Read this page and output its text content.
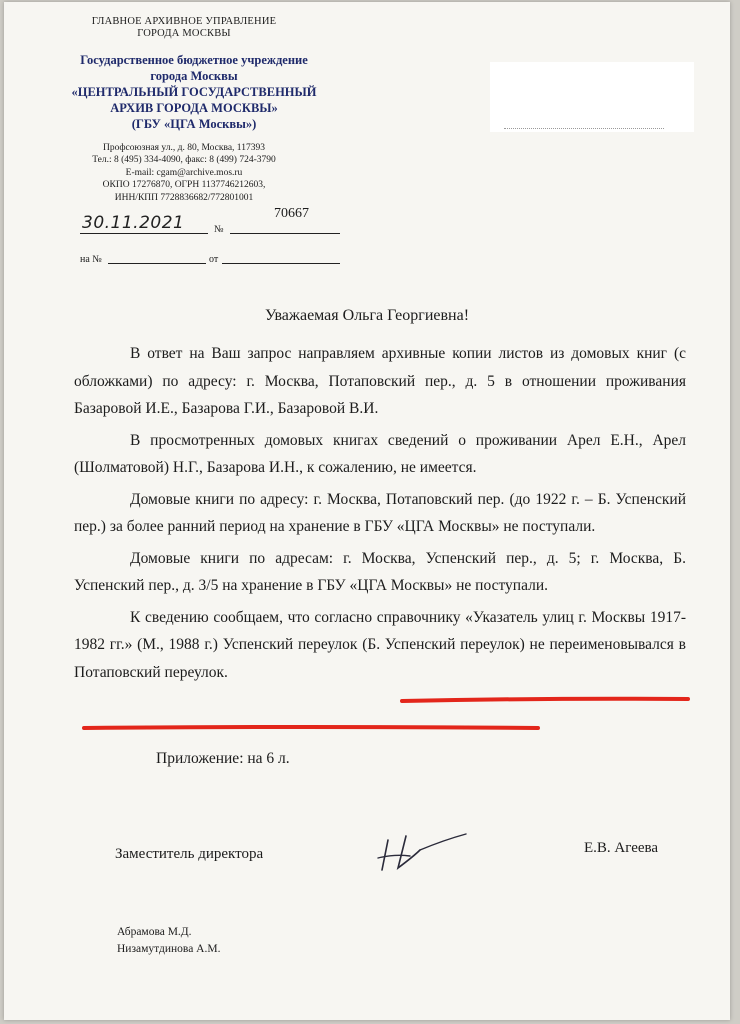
ГЛАВНОЕ АРХИВНОЕ УПРАВЛЕНИЕ
ГОРОДА МОСКВЫ
Государственное бюджетное учреждение
города Москвы
«ЦЕНТРАЛЬНЫЙ ГОСУДАРСТВЕННЫЙ
АРХИВ ГОРОДА МОСКВЫ»
(ГБУ «ЦГА Москвы»)
Профсоюзная ул., д. 80, Москва, 117393
Тел.: 8 (495) 334-4090, факс: 8 (499) 724-3790
E-mail: cgam@archive.mos.ru
ОКПО 17276870, ОГРН 1137746212603,
ИНН/КПП 7728836682/772801001
30.11.2021	№
70667
на №	от
Уважаемая Ольга Георгиевна!

В ответ на Ваш запрос направляем архивные копии листов из домовых книг (с обложками) по адресу: г. Москва, Потаповский пер., д. 5 в отношении проживания Базаровой И.Е., Базарова Г.И., Базаровой В.И.

В просмотренных домовых книгах сведений о проживании Арел Е.Н., Арел (Шолматовой) Н.Г., Базарова И.Н., к сожалению, не имеется.

Домовые книги по адресу: г. Москва, Потаповский пер. (до 1922 г. – Б. Успенский пер.) за более ранний период на хранение в ГБУ «ЦГА Москвы» не поступали.

Домовые книги по адресам: г. Москва, Успенский пер., д. 5; г. Москва, Б. Успенский пер., д. 3/5 на хранение в ГБУ «ЦГА Москвы» не поступали.

К сведению сообщаем, что согласно справочнику «Указатель улиц г. Москвы 1917-1982 гг.» (М., 1988 г.) Успенский переулок (Б. Успенский переулок) не переименовывался в Потаповский переулок.

Приложение: на 6 л.
Заместитель директора	Е.В. Агеева
Абрамова М.Д.
Низамутдинова А.М.
